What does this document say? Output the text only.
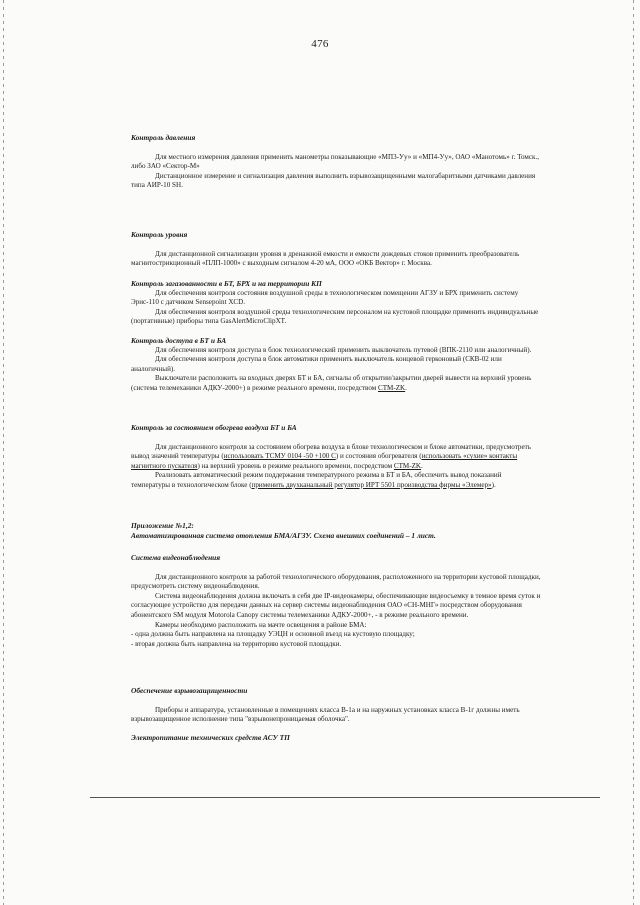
476
Контроль давления

Для местного измерения давления применить манометры показывающие «МП3-Уу» и «МП4-Уу», ОАО «Манотомь» г. Томск., либо ЗАО «Сектор-М»

Дистанционное измерение и сигнализация давления выполнить взрывозащищенными малогабаритными датчиками давления типа АИР-10 SH.

Контроль уровня

Для дистанционной сигнализации уровня в дренажной емкости и емкости дождевых стоков применить преобразователь магнитострикционный «ПЛП-1000» с выходным сигналом 4-20 мА, ООО «ОКБ Вектор» г. Москва.

Контроль загазованности в БТ, БРХ и на территории КП

Для обеспечения контроля состояния воздушной среды в технологическом помещении АГЗУ и БРХ применить систему Эрис-110 с датчиком Sensepoint XCD.

Для обеспечения контроля воздушной среды технологическим персоналом на кустовой площадке применить индивидуальные (портативные) приборы типа GasAlertMicroClipXT.

Контроль доступа в БТ и БА

Для обеспечения контроля доступа в блок технологический применить выключатель путевой (ВПК-2110 или аналогичный).

Для обеспечения контроля доступа в блок автоматики применить выключатель концевой герконовый (СКВ-02 или аналогичный).

Выключатели расположить на входных дверях БТ и БА, сигналы об открытии/закрытии дверей вывести на верхний уровень (система телемеханики АДКУ-2000+) в режиме реального времени, посредством СТМ-ZK.

Контроль за состоянием обогрева воздуха БТ и БА

Для дистанционного контроля за состоянием обогрева воздуха в блоке технологическом и блоке автоматики, предусмотреть вывод значений температуры (использовать ТСМУ 0104 -50 +100 С) и состояния обогревателя (использовать «сухие» контакты магнитного пускателя) на верхний уровень в режиме реального времени, посредством СТМ-ZK.

Реализовать автоматический режим поддержания температурного режима в БТ и БА, обеспечить вывод показаний температуры в технологическом блоке (применить двухканальный регулятор ИРТ 5501 производства фирмы «Элемер»).

Приложение №1,2:
Автоматизированная система отопления БМА/АГЗУ. Схема внешних соединений – 1 лист.
Система видеонаблюдения

Для дистанционного контроля за работой технологического оборудования, расположенного на территории кустовой площадки, предусмотреть систему видеонаблюдения.

Система видеонаблюдения должна включать в себя две IP-видеокамеры, обеспечивающие видеосъемку в темное время суток и согласующее устройство для передачи данных на сервер системы видеонаблюдения ОАО «СН-МНГ» посредством оборудования абонентского SM модуля Motorola Canopy системы телемеханики АДКУ-2000+, - в режиме реального времени.

Камеры необходимо расположить на мачте освещения в районе БМА:

- одна должна быть направлена на площадку УЭЦН и основной въезд на кустовую площадку;

- вторая должна быть направлена на территорию кустовой площадки.

Обеспечение взрывозащищенности

Приборы и аппаратура, установленные в помещениях класса В-1а и на наружных установках класса В-1г должны иметь взрывозащищенное исполнение типа "взрывонепроницаемая оболочка".

Электропитание технических средств АСУ ТП
